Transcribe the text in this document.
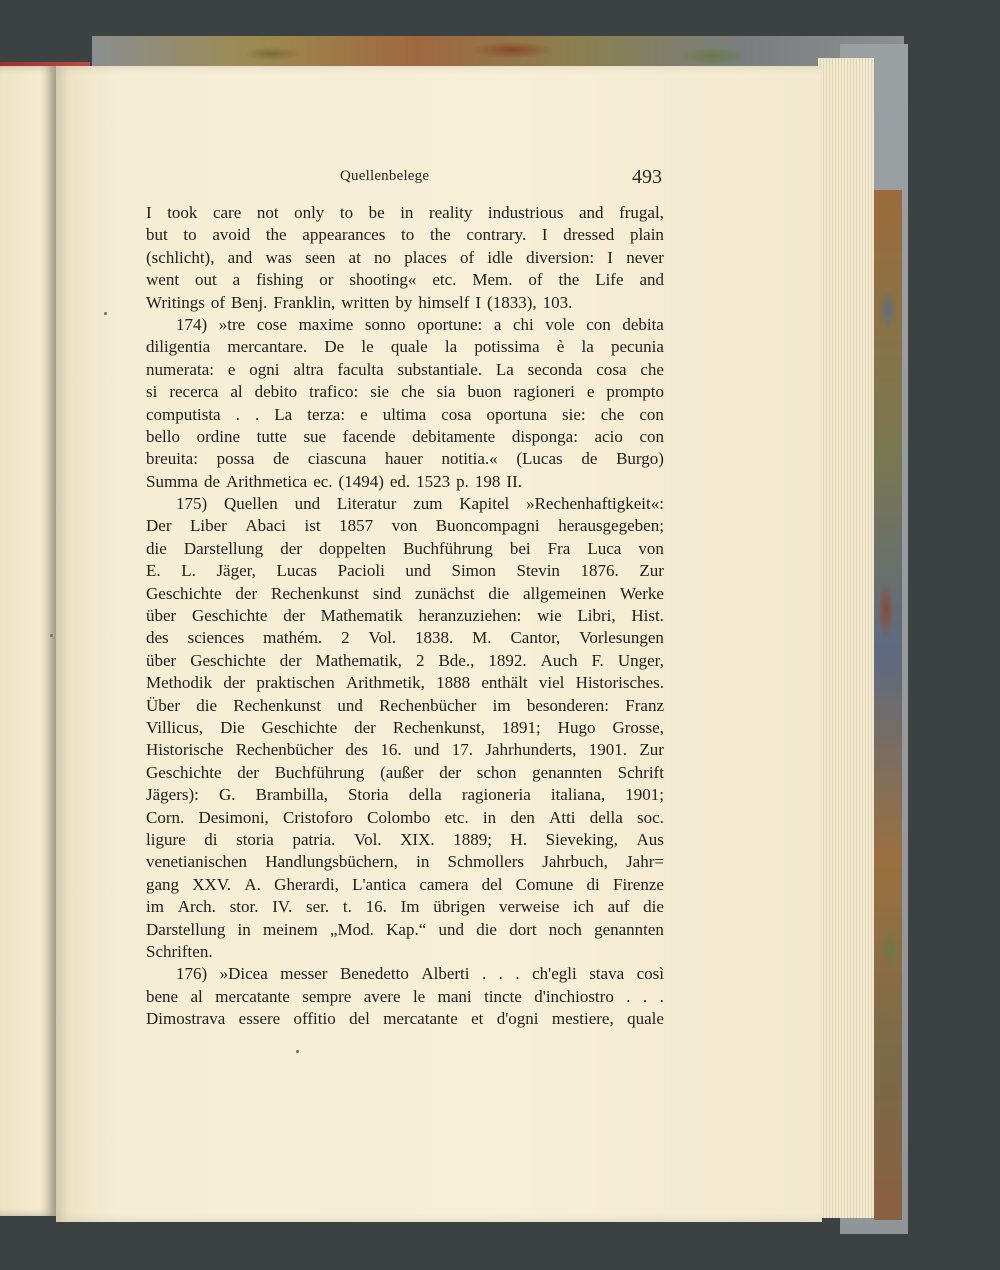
Quellenbelege	493
I took care not only to be in reality industrious and frugal,
but to avoid the appearances to the contrary. I dressed plain
(schlicht), and was seen at no places of idle diversion: I never
went out a fishing or shooting« etc. Mem. of the Life and
Writings of Benj. Franklin, written by himself I (1833), 103.
174) »tre cose maxime sonno oportune: a chi vole con debita
diligentia mercantare. De le quale la potissima è la pecunia
numerata: e ogni altra faculta substantiale. La seconda cosa che
si recerca al debito trafico: sie che sia buon ragioneri e prompto
computista . . La terza: e ultima cosa oportuna sie: che con
bello ordine tutte sue facende debitamente disponga: acio con
breuita: possa de ciascuna hauer notitia.« (Lucas de Burgo)
Summa de Arithmetica ec. (1494) ed. 1523 p. 198 II.
175) Quellen und Literatur zum Kapitel »Rechenhaftigkeit«:
Der Liber Abaci ist 1857 von Buoncompagni herausgegeben;
die Darstellung der doppelten Buchführung bei Fra Luca von
E. L. Jäger, Lucas Pacioli und Simon Stevin 1876. Zur
Geschichte der Rechenkunst sind zunächst die allgemeinen Werke
über Geschichte der Mathematik heranzuziehen: wie Libri, Hist.
des sciences mathém. 2 Vol. 1838. M. Cantor, Vorlesungen
über Geschichte der Mathematik, 2 Bde., 1892. Auch F. Unger,
Methodik der praktischen Arithmetik, 1888 enthält viel Historisches.
Über die Rechenkunst und Rechenbücher im besonderen: Franz
Villicus, Die Geschichte der Rechenkunst, 1891; Hugo Grosse,
Historische Rechenbücher des 16. und 17. Jahrhunderts, 1901. Zur
Geschichte der Buchführung (außer der schon genannten Schrift
Jägers): G. Brambilla, Storia della ragioneria italiana, 1901;
Corn. Desimoni, Cristoforo Colombo etc. in den Atti della soc.
ligure di storia patria. Vol. XIX. 1889; H. Sieveking, Aus
venetianischen Handlungsbüchern, in Schmollers Jahrbuch, Jahr=
gang XXV. A. Gherardi, L'antica camera del Comune di Firenze
im Arch. stor. IV. ser. t. 16. Im übrigen verweise ich auf die
Darstellung in meinem „Mod. Kap.“ und die dort noch genannten
Schriften.
176) »Dicea messer Benedetto Alberti . . . ch'egli stava così
bene al mercatante sempre avere le mani tincte d'inchiostro . . .
Dimostrava essere offitio del mercatante et d'ogni mestiere, quale
